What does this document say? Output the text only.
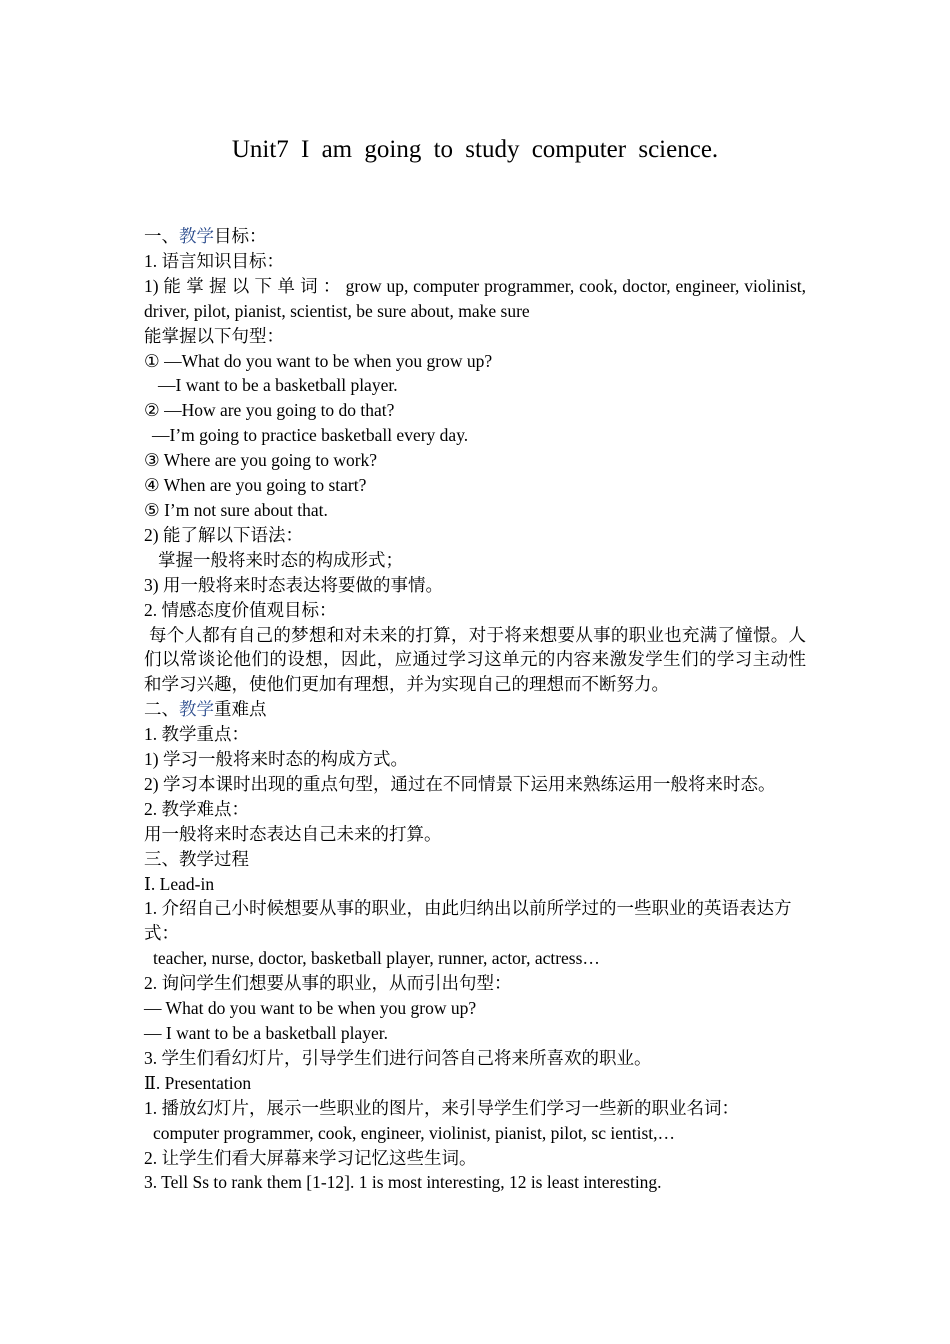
Unit7 I am going to study computer science.
一、教学目标：
1. 语言知识目标：
1) 能 掌 握 以 下 单 词 ： grow up, computer programmer, cook, doctor, engineer, violinist, driver, pilot, pianist, scientist, be sure about, make sure
能掌握以下句型：
① —What do you want to be when you grow up?
—I want to be a basketball player.
② —How are you going to do that?
—I’m going to practice basketball every day.
③ Where are you going to work?
④ When are you going to start?
⑤ I’m not sure about that.
2) 能了解以下语法：
掌握一般将来时态的构成形式；
3) 用一般将来时态表达将要做的事情。
2. 情感态度价值观目标：
每个人都有自己的梦想和对未来的打算，对于将来想要从事的职业也充满了憧憬。人们以常谈论他们的设想，因此，应通过学习这单元的内容来激发学生们的学习主动性和学习兴趣，使他们更加有理想，并为实现自己的理想而不断努力。
二、教学重难点
1. 教学重点：
1) 学习一般将来时态的构成方式。
2) 学习本课时出现的重点句型，通过在不同情景下运用来熟练运用一般将来时态。
2. 教学难点：
用一般将来时态表达自己未来的打算。
三、教学过程
Ⅰ. Lead-in
1. 介绍自己小时候想要从事的职业，由此归纳出以前所学过的一些职业的英语表达方式：
teacher, nurse, doctor, basketball player, runner, actor, actress…
2. 询问学生们想要从事的职业，从而引出句型：
— What do you want to be when you grow up?
— I want to be a basketball player.
3. 学生们看幻灯片，引导学生们进行问答自己将来所喜欢的职业。
Ⅱ. Presentation
1. 播放幻灯片，展示一些职业的图片，来引导学生们学习一些新的职业名词：
computer programmer, cook, engineer, violinist, pianist, pilot, sc ientist,…
2. 让学生们看大屏幕来学习记忆这些生词。
3. Tell Ss to rank them [1-12]. 1 is most interesting, 12 is least interesting.
